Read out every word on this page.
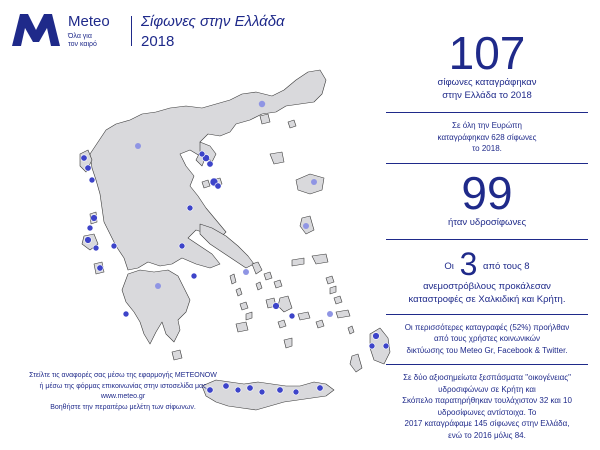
Meteo
Όλα για
τον καιρό
Σίφωνες στην Ελλάδα
2018
Στείλτε τις αναφορές σας μέσω της εφαρμογής METEONOW
ή μέσω της φόρμας επικοινωνίας στην ιστοσελίδα μας
www.meteo.gr
Βοηθήστε την περαιτέρω μελέτη των σίφωνων.
107
σίφωνες καταγράφηκαν
στην Ελλάδα το 2018
Σε όλη την Ευρώπη
καταγράφηκαν 628 σίφωνες
το 2018.
99
ήταν υδροσίφωνες
Οι 3 από τους 8
ανεμοστρόβιλους προκάλεσαν
καταστροφές σε Χαλκιδική και Κρήτη.
Οι περισσότερες καταγραφές (52%) προήλθαν
από τους χρήστες κοινωνικών
δικτύωσης του Meteo Gr, Facebook & Twitter.
Σε δύο αξιοσημείωτα ξεσπάσματα "οικογένειας"
υδροσιφώνων σε Κρήτη και
Σκόπελο παρατηρήθηκαν τουλάχιστον 32 και 10
υδροσίφωνες αντίστοιχα. Το
2017 καταγράφαμε 145 σίφωνες στην Ελλάδα,
ενώ το 2016 μόλις 84.
